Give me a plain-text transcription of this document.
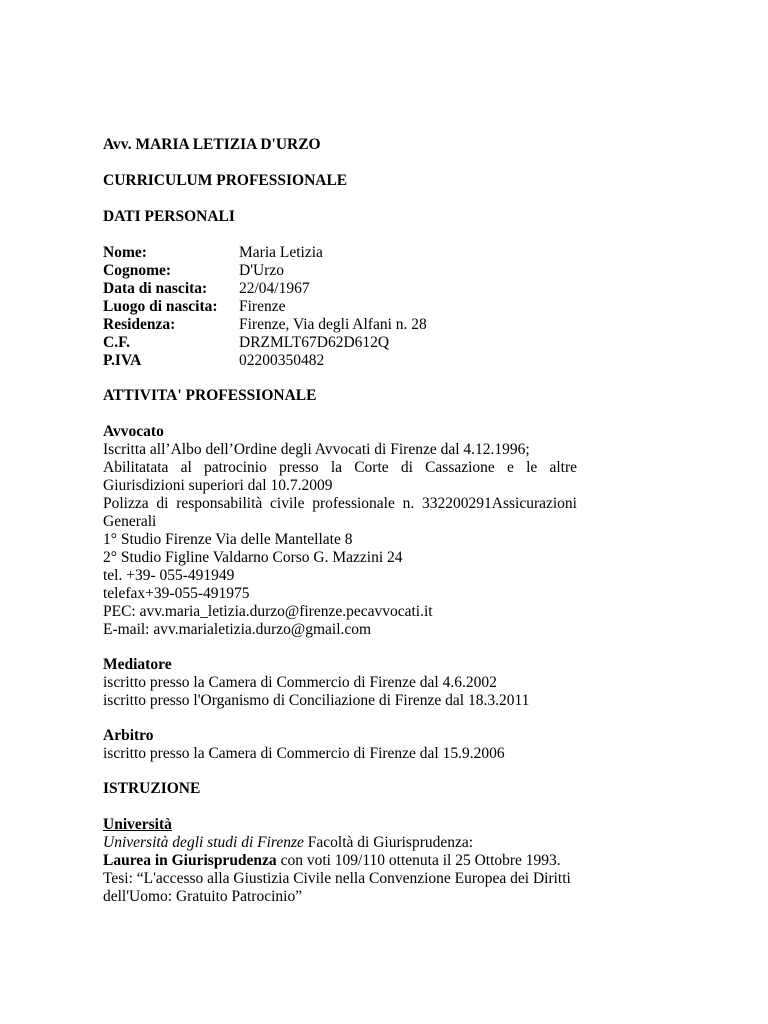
Avv. MARIA LETIZIA D'URZO

CURRICULUM PROFESSIONALE

DATI PERSONALI

Nome:	Maria Letizia
Cognome:	D'Urzo
Data di nascita:	22/04/1967
Luogo di nascita:	Firenze
Residenza:	Firenze, Via degli Alfani n. 28
C.F.	DRZMLT67D62D612Q
P.IVA	02200350482

ATTIVITA' PROFESSIONALE

Avvocato
Iscritta all’Albo dell’Ordine degli Avvocati di Firenze dal 4.12.1996;
Abilitatata al patrocinio presso la Corte di Cassazione e le altre Giurisdizioni superiori dal 10.7.2009
Polizza di responsabilità civile professionale n. 332200291Assicurazioni Generali
1° Studio Firenze Via delle Mantellate 8
2° Studio Figline Valdarno Corso G. Mazzini 24
tel. +39- 055-491949
telefax+39-055-491975
PEC: avv.maria_letizia.durzo@firenze.pecavvocati.it
E-mail: avv.marialetizia.durzo@gmail.com
Mediatore
iscritto presso la Camera di Commercio di Firenze dal 4.6.2002
iscritto presso l'Organismo di Conciliazione di Firenze dal 18.3.2011
Arbitro
iscritto presso la Camera di Commercio di Firenze dal 15.9.2006

ISTRUZIONE

Università
Università degli studi di Firenze Facoltà di Giurisprudenza:
Laurea in Giurisprudenza con voti 109/110 ottenuta il 25 Ottobre 1993.
Tesi: “L'accesso alla Giustizia Civile nella Convenzione Europea dei Diritti dell'Uomo: Gratuito Patrocinio”
